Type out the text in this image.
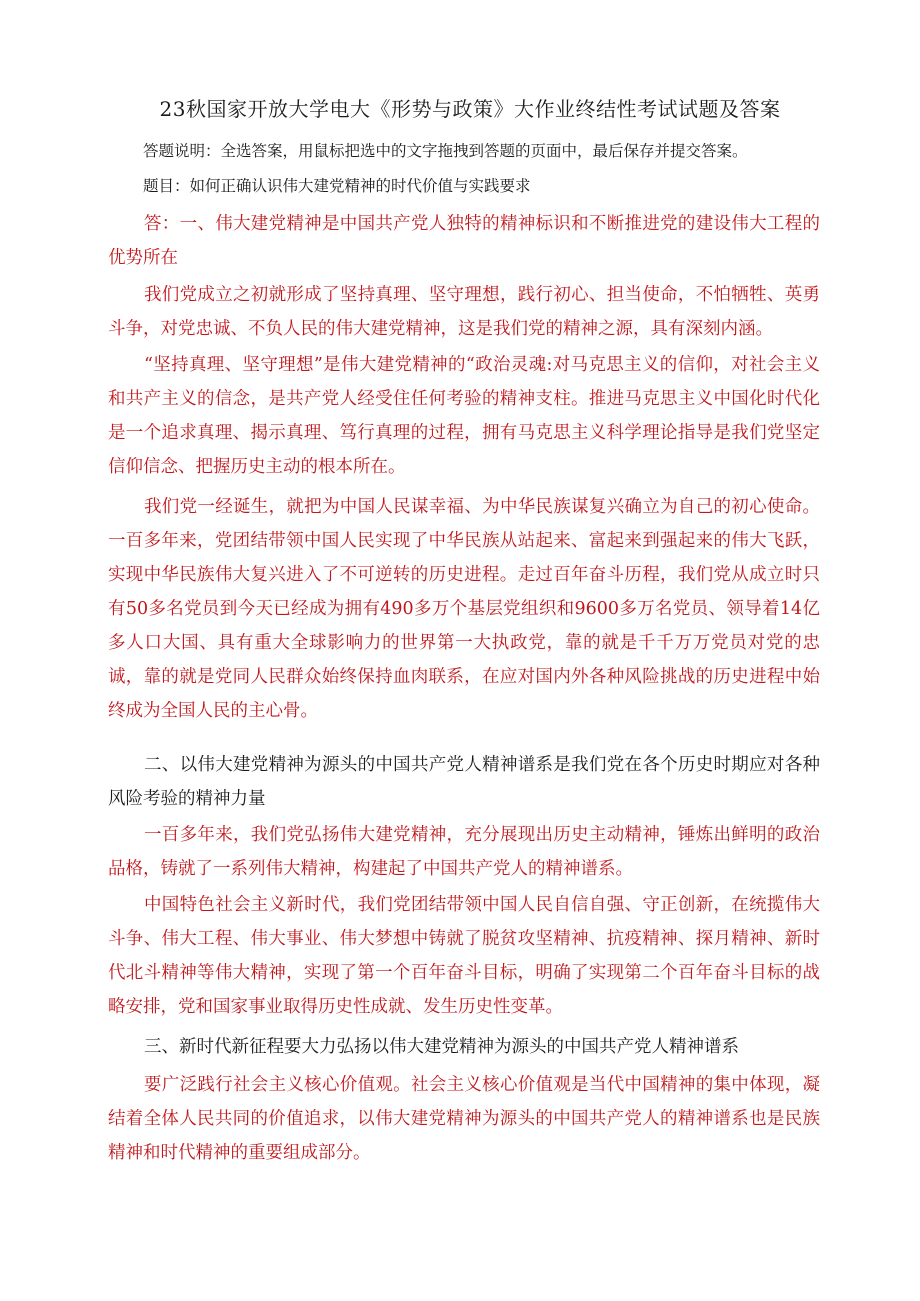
23秋国家开放大学电大《形势与政策》大作业终结性考试试题及答案
答题说明：全选答案，用鼠标把选中的文字拖拽到答题的页面中，最后保存并提交答案。
题目：如何正确认识伟大建党精神的时代价值与实践要求

答：一、伟大建党精神是中国共产党人独特的精神标识和不断推进党的建设伟大工程的优势所在

我们党成立之初就形成了坚持真理、坚守理想，践行初心、担当使命，不怕牺牲、英勇斗争，对党忠诚、不负人民的伟大建党精神，这是我们党的精神之源，具有深刻内涵。

“坚持真理、坚守理想”是伟大建党精神的“政治灵魂:对马克思主义的信仰，对社会主义和共产主义的信念，是共产党人经受住任何考验的精神支柱。推进马克思主义中国化时代化是一个追求真理、揭示真理、笃行真理的过程，拥有马克思主义科学理论指导是我们党坚定信仰信念、把握历史主动的根本所在。

我们党一经诞生，就把为中国人民谋幸福、为中华民族谋复兴确立为自己的初心使命。一百多年来，党团结带领中国人民实现了中华民族从站起来、富起来到强起来的伟大飞跃，实现中华民族伟大复兴进入了不可逆转的历史进程。走过百年奋斗历程，我们党从成立时只有50多名党员到今天已经成为拥有490多万个基层党组织和9600多万名党员、领导着14亿多人口大国、具有重大全球影响力的世界第一大执政党，靠的就是千千万万党员对党的忠诚，靠的就是党同人民群众始终保持血肉联系，在应对国内外各种风险挑战的历史进程中始终成为全国人民的主心骨。

二、以伟大建党精神为源头的中国共产党人精神谱系是我们党在各个历史时期应对各种风险考验的精神力量

一百多年来，我们党弘扬伟大建党精神，充分展现出历史主动精神，锤炼出鲜明的政治品格，铸就了一系列伟大精神，构建起了中国共产党人的精神谱系。

中国特色社会主义新时代，我们党团结带领中国人民自信自强、守正创新，在统揽伟大斗争、伟大工程、伟大事业、伟大梦想中铸就了脱贫攻坚精神、抗疫精神、探月精神、新时代北斗精神等伟大精神，实现了第一个百年奋斗目标，明确了实现第二个百年奋斗目标的战略安排，党和国家事业取得历史性成就、发生历史性变革。

三、新时代新征程要大力弘扬以伟大建党精神为源头的中国共产党人精神谱系

要广泛践行社会主义核心价值观。社会主义核心价值观是当代中国精神的集中体现，凝结着全体人民共同的价值追求，以伟大建党精神为源头的中国共产党人的精神谱系也是民族精神和时代精神的重要组成部分。
